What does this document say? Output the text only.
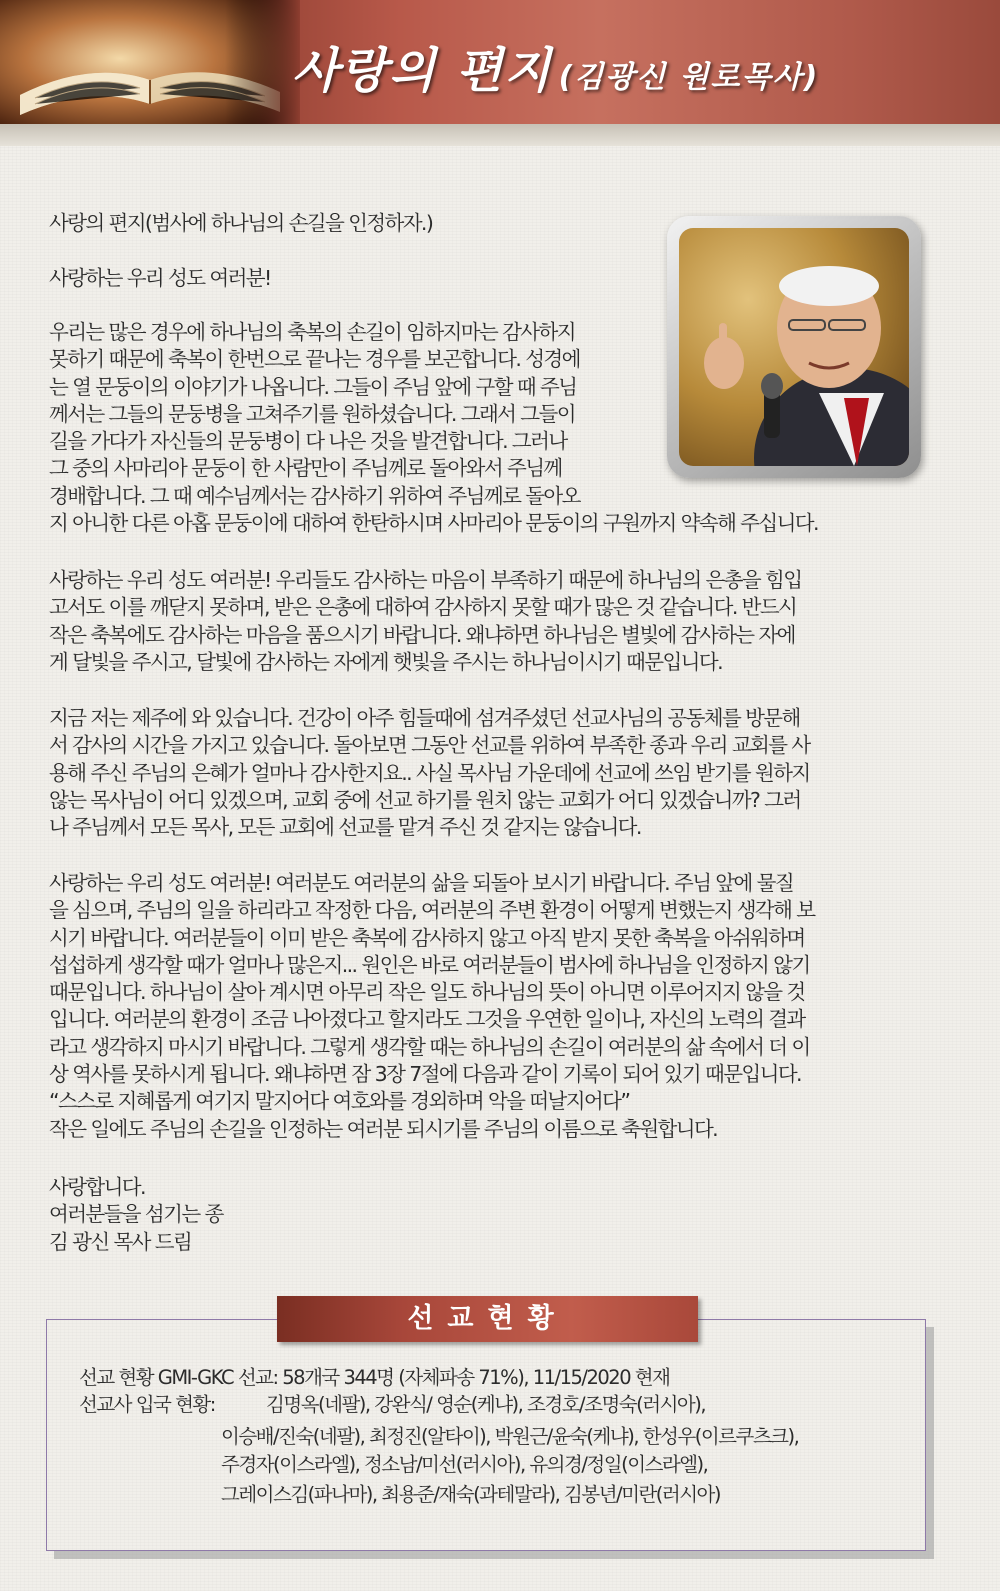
사랑의 편지 (김광신 원로목사)
사랑의 편지(범사에 하나님의 손길을 인정하자.)
사랑하는 우리 성도 여러분!
우리는 많은 경우에 하나님의 축복의 손길이 임하지마는 감사하지
못하기 때문에 축복이 한번으로 끝나는 경우를 보곤합니다. 성경에
는 열 문둥이의 이야기가 나옵니다. 그들이 주님 앞에 구할 때 주님
께서는 그들의 문둥병을 고쳐주기를 원하셨습니다. 그래서 그들이
길을 가다가 자신들의 문둥병이 다 나은 것을 발견합니다. 그러나
그 중의 사마리아 문둥이 한 사람만이 주님께로 돌아와서 주님께
경배합니다. 그 때 예수님께서는 감사하기 위하여 주님께로 돌아오
지 아니한 다른 아홉 문둥이에 대하여 한탄하시며 사마리아 문둥이의 구원까지 약속해 주십니다.
사랑하는 우리 성도 여러분! 우리들도 감사하는 마음이 부족하기 때문에 하나님의 은총을 힘입
고서도 이를 깨닫지 못하며, 받은 은총에 대하여 감사하지 못할 때가 많은 것 같습니다. 반드시
작은 축복에도 감사하는 마음을 품으시기 바랍니다. 왜냐하면 하나님은 별빛에 감사하는 자에
게 달빛을 주시고, 달빛에 감사하는 자에게 햇빛을 주시는 하나님이시기 때문입니다.
지금 저는 제주에 와 있습니다. 건강이 아주 힘들때에 섬겨주셨던 선교사님의 공동체를 방문해
서 감사의 시간을 가지고 있습니다. 돌아보면 그동안 선교를 위하여 부족한 종과 우리 교회를 사
용해 주신 주님의 은혜가 얼마나 감사한지요.. 사실 목사님 가운데에 선교에 쓰임 받기를 원하지
않는 목사님이 어디 있겠으며, 교회 중에 선교 하기를 원치 않는 교회가 어디 있겠습니까? 그러
나 주님께서 모든 목사, 모든 교회에 선교를 맡겨 주신 것 같지는 않습니다.
사랑하는 우리 성도 여러분! 여러분도 여러분의 삶을 되돌아 보시기 바랍니다. 주님 앞에 물질
을 심으며, 주님의 일을 하리라고 작정한 다음, 여러분의 주변 환경이 어떻게 변했는지 생각해 보
시기 바랍니다. 여러분들이 이미 받은 축복에 감사하지 않고 아직 받지 못한 축복을 아쉬워하며
섭섭하게 생각할 때가 얼마나 많은지... 원인은 바로 여러분들이 범사에 하나님을 인정하지 않기
때문입니다. 하나님이 살아 계시면 아무리 작은 일도 하나님의 뜻이 아니면 이루어지지 않을 것
입니다. 여러분의 환경이 조금 나아졌다고 할지라도 그것을 우연한 일이나, 자신의 노력의 결과
라고 생각하지 마시기 바랍니다. 그렇게 생각할 때는 하나님의 손길이 여러분의 삶 속에서 더 이
상 역사를 못하시게 됩니다. 왜냐하면 잠 3장 7절에 다음과 같이 기록이 되어 있기 때문입니다.
“스스로 지혜롭게 여기지 말지어다 여호와를 경외하며 악을 떠날지어다”
작은 일에도 주님의 손길을 인정하는 여러분 되시기를 주님의 이름으로 축원합니다.
사랑합니다.
여러분들을 섬기는 종
김 광신 목사 드림
선교현황
선교 현황 GMI-GKC 선교: 58개국 344명 (자체파송 71%), 11/15/2020 현재
선교사 입국 현황:	김명옥(네팔), 강완식/ 영순(케냐), 조경호/조명숙(러시아),
이승배/진숙(네팔), 최정진(알타이), 박원근/윤숙(케냐), 한성우(이르쿠츠크),
주경자(이스라엘), 정소남/미선(러시아), 유의경/정일(이스라엘),
그레이스김(파나마), 최용준/재숙(과테말라), 김봉년/미란(러시아)
